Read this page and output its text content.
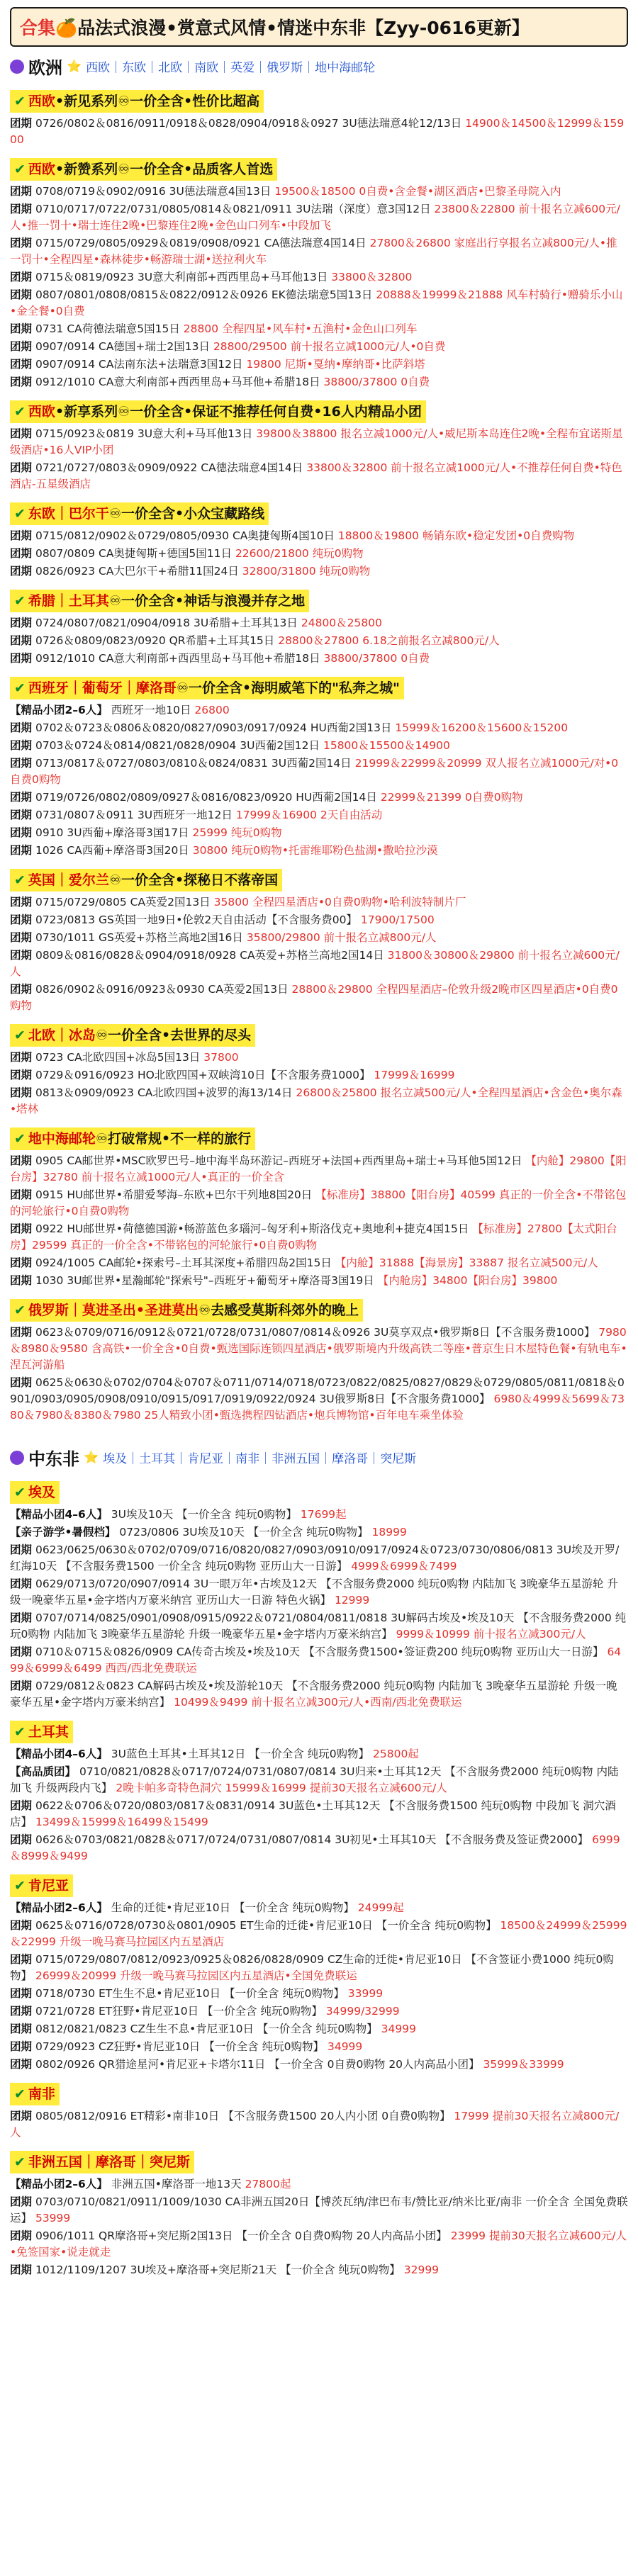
合集🍊品法式浪漫•赏意式风情•情迷中东非【Zyy-0616更新】
欧洲 ⭐ 西欧｜东欧｜北欧｜南欧｜英爱｜俄罗斯｜地中海邮轮
✔ 西欧•新见系列♾一价全含•性价比超高
团期 0726/0802＆0816/0911/0918＆0828/0904/0918＆0927 3U德法瑞意4轮12/13日 14900＆14500＆12999＆15900
✔ 西欧•新赞系列♾一价全含•品质客人首选
团期 0708/0719＆0902/0916 3U德法瑞意4国13日 19500＆18500 0自费•含金餐•湖区酒店•巴黎圣母院入内
团期 0710/0717/0722/0731/0805/0814＆0821/0911 3U法瑞（深度）意3国12日 23800＆22800 前十报名立减600元/人•推一罚十•瑞士连住2晚•巴黎连住2晚•金色山口列车•中段加飞
团期 0715/0729/0805/0929＆0819/0908/0921 CA德法瑞意4国14日 27800＆26800 家庭出行享报名立减800元/人•推一罚十•全程四星•森林徒步•畅游瑞士湖•送拉利火车
团期 0715＆0819/0923 3U意大利南部+西西里岛+马耳他13日 33800＆32800
团期 0807/0801/0808/0815＆0822/0912＆0926 EK德法瑞意5国13日 20888＆19999＆21888 风车村骑行•赠骑乐小山•金全餐•0自费
团期 0731 CA荷德法瑞意5国15日 28800 全程四星•风车村•五渔村•金色山口列车
团期 0907/0914 CA德国+瑞士2国13日 28800/29500 前十报名立减1000元/人•0自费
团期 0907/0914 CA法南东法+法瑞意3国12日 19800 尼斯•戛纳•摩纳哥•比萨斜塔
团期 0912/1010 CA意大利南部+西西里岛+马耳他+希腊18日 38800/37800 0自费
✔ 西欧•新享系列♾一价全含•保证不推荐任何自费•16人内精品小团
团期 0715/0923＆0819 3U意大利+马耳他13日 39800＆38800 报名立减1000元/人•威尼斯本岛连住2晚•全程布宜诺斯星级酒店•16人VIP小团
团期 0721/0727/0803＆0909/0922 CA德法瑞意4国14日 33800＆32800 前十报名立减1000元/人•不推荐任何自费•特色酒店-五星级酒店
✔ 东欧｜巴尔干♾一价全含•小众宝藏路线
团期 0715/0812/0902＆0729/0805/0930 CA奥捷匈斯4国10日 18800＆19800 畅销东欧•稳定发团•0自费购物
团期 0807/0809 CA奥捷匈斯+德国5国11日 22600/21800 纯玩0购物
团期 0826/0923 CA大巴尔干+希腊11国24日 32800/31800 纯玩0购物
✔ 希腊｜土耳其♾一价全含•神话与浪漫并存之地
团期 0724/0807/0821/0904/0918 3U希腊+土耳其13日 24800＆25800
团期 0726＆0809/0823/0920 QR希腊+土耳其15日 28800＆27800 6.18之前报名立减800元/人
团期 0912/1010 CA意大利南部+西西里岛+马耳他+希腊18日 38800/37800 0自费
✔ 西班牙｜葡萄牙｜摩洛哥♾一价全含•海明威笔下的"私奔之城"
【精品小团2–6人】 西班牙一地10日 26800
团期 0702＆0723＆0806＆0820/0827/0903/0917/0924 HU西葡2国13日 15999＆16200＆15600＆15200
团期 0703＆0724＆0814/0821/0828/0904 3U西葡2国12日 15800＆15500＆14900
团期 0713/0817＆0727/0803/0810＆0824/0831 3U西葡2国14日 21999＆22999＆20999 双人报名立减1000元/对•0自费0购物
团期 0719/0726/0802/0809/0927＆0816/0823/0920 HU西葡2国14日 22999＆21399 0自费0购物
团期 0731/0807＆0911 3U西班牙一地12日 17999＆16900 2天自由活动
团期 0910 3U西葡+摩洛哥3国17日 25999 纯玩0购物
团期 1026 CA西葡+摩洛哥3国20日 30800 纯玩0购物•托雷维耶粉色盐湖•撒哈拉沙漠
✔ 英国｜爱尔兰♾一价全含•探秘日不落帝国
团期 0715/0729/0805 CA英爱2国13日 35800 全程四星酒店•0自费0购物•哈利波特制片厂
团期 0723/0813 GS英国一地9日•伦敦2天自由活动【不含服务费00】 17900/17500
团期 0730/1011 GS英爱+苏格兰高地2国16日 35800/29800 前十报名立减800元/人
团期 0809＆0816/0828＆0904/0918/0928 CA英爱+苏格兰高地2国14日 31800＆30800＆29800 前十报名立减600元/人
团期 0826/0902＆0916/0923＆0930 CA英爱2国13日 28800＆29800 全程四星酒店–伦敦升级2晚市区四星酒店•0自费0购物
✔ 北欧｜冰岛♾一价全含•去世界的尽头
团期 0723 CA北欧四国+冰岛5国13日 37800
团期 0729＆0916/0923 HO北欧四国+双峡湾10日【不含服务费1000】 17999＆16999
团期 0813＆0909/0923 CA北欧四国+波罗的海13/14日 26800＆25800 报名立减500元/人•全程四星酒店•含金色•奥尔森•塔林
✔ 地中海邮轮♾打破常规•不一样的旅行
团期 0905 CA邮世界•MSC欧罗巴号–地中海半岛环游记–西班牙+法国+西西里岛+瑞士+马耳他5国12日 【内舱】29800【阳台房】32780 前十报名立减1000元/人•真正的一价全含
团期 0915 HU邮世界•希腊爱琴海–东欧+巴尔干列地8国20日 【标准房】38800【阳台房】40599 真正的一价全含•不带铭包的河轮旅行•0自费0购物
团期 0922 HU邮世界•荷德德国游•畅游蓝色多瑙河–匈牙利+斯洛伐克+奥地利+捷克4国15日 【标准房】27800【太式阳台房】29599 真正的一价全含•不带铭包的河轮旅行•0自费0购物
团期 0924/1005 CA邮轮•探索号–土耳其深度+希腊四岛2国15日 【内舱】31888【海景房】33887 报名立减500元/人
团期 1030 3U邮世界•星瀚邮轮"探索号"–西班牙+葡萄牙+摩洛哥3国19日 【内舱房】34800【阳台房】39800
✔ 俄罗斯｜莫进圣出•圣进莫出♾去感受莫斯科郊外的晚上
团期 0623＆0709/0716/0912＆0721/0728/0731/0807/0814＆0926 3U莫享双点•俄罗斯8日【不含服务费1000】 7980＆8980＆9580 含高铁•一价全含•0自费•甄选国际连锁四星酒店•俄罗斯境内升级高铁二等座•普京生日木屋特色餐•有轨电车•涅瓦河游船
团期 0625＆0630＆0702/0704＆0707＆0711/0714/0718/0723/0822/0825/0827/0829＆0729/0805/0811/0818＆0901/0903/0905/0908/0910/0915/0917/0919/0922/0924 3U俄罗斯8日【不含服务费1000】 6980＆4999＆5699＆7380＆7980＆8380＆7980 25人精致小团•甄选携程四钻酒店•炮兵博物馆•百年电车乘坐体验
中东非 ⭐ 埃及｜土耳其｜肯尼亚｜南非｜非洲五国｜摩洛哥｜突尼斯
✔ 埃及
【精品小团4–6人】 3U埃及10天 【一价全含 纯玩0购物】 17699起
【亲子游学•暑假档】 0723/0806 3U埃及10天 【一价全含 纯玩0购物】 18999
团期 0623/0625/0630＆0702/0709/0716/0820/0827/0903/0910/0917/0924＆0723/0730/0806/0813 3U埃及开罗/红海10天 【不含服务费1500 一价全含 纯玩0购物 亚历山大一日游】 4999＆6999＆7499
团期 0629/0713/0720/0907/0914 3U一眼万年•古埃及12天 【不含服务费2000 纯玩0购物 内陆加飞 3晚豪华五星游轮 升级一晚豪华五星•金字塔内万豪米纳宫 亚历山大一日游 特色火锅】 12999
团期 0707/0714/0825/0901/0908/0915/0922＆0721/0804/0811/0818 3U解码古埃及•埃及10天 【不含服务费2000 纯玩0购物 内陆加飞 3晚豪华五星游轮 升级一晚豪华五星•金字塔内万豪米纳宫】 9999＆10999 前十报名立减300元/人
团期 0710＆0715＆0826/0909 CA传奇古埃及•埃及10天 【不含服务费1500•签证费200 纯玩0购物 亚历山大一日游】 6499＆6999＆6499 西西/西北免费联运
团期 0729/0812＆0823 CA解码古埃及•埃及游轮10天 【不含服务费2000 纯玩0购物 内陆加飞 3晚豪华五星游轮 升级一晚豪华五星•金字塔内万豪米纳宫】 10499＆9499 前十报名立减300元/人•西南/西北免费联运
✔ 土耳其
【精品小团4–6人】 3U蓝色土耳其•土耳其12日 【一价全含 纯玩0购物】 25800起
【高品质团】 0710/0821/0828＆0717/0724/0731/0807/0814 3U归来•土耳其12天 【不含服务费2000 纯玩0购物 内陆加飞 升级两段内飞】 2晚卡帕多奇特色洞穴 15999＆16999 提前30天报名立减600元/人
团期 0622＆0706＆0720/0803/0817＆0831/0914 3U蓝色•土耳其12天 【不含服务费1500 纯玩0购物 中段加飞 洞穴酒店】 13499＆15999＆16499＆15499
团期 0626＆0703/0821/0828＆0717/0724/0731/0807/0814 3U初见•土耳其10天 【不含服务费及签证费2000】 6999＆8999＆9499
✔ 肯尼亚
【精品小团2–6人】 生命的迁徙•肯尼亚10日 【一价全含 纯玩0购物】 24999起
团期 0625＆0716/0728/0730＆0801/0905 ET生命的迁徙•肯尼亚10日 【一价全含 纯玩0购物】 18500＆24999＆25999＆22999 升级一晚马赛马拉园区内五星酒店
团期 0715/0729/0807/0812/0923/0925＆0826/0828/0909 CZ生命的迁徙•肯尼亚10日 【不含签证小费1000 纯玩0购物】 26999＆20999 升级一晚马赛马拉园区内五星酒店•全国免费联运
团期 0718/0730 ET生生不息•肯尼亚10日 【一价全含 纯玩0购物】 33999
团期 0721/0728 ET狂野•肯尼亚10日 【一价全含 纯玩0购物】 34999/32999
团期 0812/0821/0823 CZ生生不息•肯尼亚10日 【一价全含 纯玩0购物】 34999
团期 0729/0923 CZ狂野•肯尼亚10日 【一价全含 纯玩0购物】 34999
团期 0802/0926 QR猎途星河•肯尼亚+卡塔尔11日 【一价全含 0自费0购物 20人内高品小团】 35999＆33999
✔ 南非
团期 0805/0812/0916 ET精彩•南非10日 【不含服务费1500 20人内小团 0自费0购物】 17999 提前30天报名立减800元/人
✔ 非洲五国｜摩洛哥｜突尼斯
【精品小团2–6人】 非洲五国•摩洛哥一地13天 27800起
团期 0703/0710/0821/0911/1009/1030 CA非洲五国20日【博茨瓦纳/津巴布韦/赞比亚/纳米比亚/南非 一价全含 全国免费联运】 53999
团期 0906/1011 QR摩洛哥+突尼斯2国13日 【一价全含 0自费0购物 20人内高品小团】 23999 提前30天报名立减600元/人•免签国家•说走就走
团期 1012/1109/1207 3U埃及+摩洛哥+突尼斯21天 【一价全含 纯玩0购物】 32999
